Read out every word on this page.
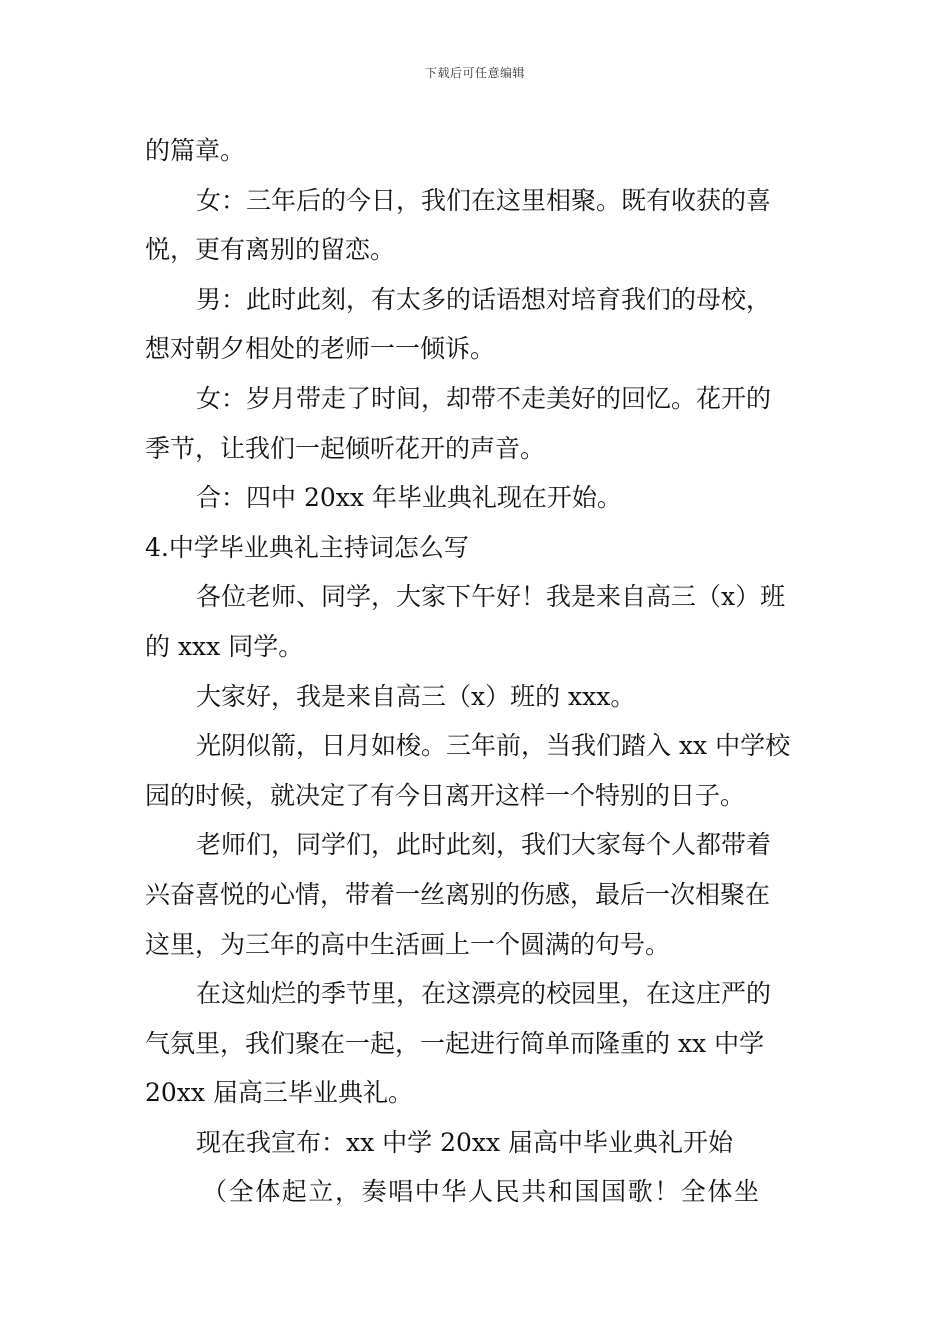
下载后可任意编辑
的篇章。
女：三年后的今日，我们在这里相聚。既有收获的喜
悦，更有离别的留恋。
男：此时此刻，有太多的话语想对培育我们的母校，
想对朝夕相处的老师一一倾诉。
女：岁月带走了时间，却带不走美好的回忆。花开的
季节，让我们一起倾听花开的声音。
合：四中 20xx 年毕业典礼现在开始。
4.中学毕业典礼主持词怎么写
各位老师、同学，大家下午好！我是来自高三（x）班
的 xxx 同学。
大家好，我是来自高三（x）班的 xxx。
光阴似箭，日月如梭。三年前，当我们踏入 xx 中学校
园的时候，就决定了有今日离开这样一个特别的日子。
老师们，同学们，此时此刻，我们大家每个人都带着
兴奋喜悦的心情，带着一丝离别的伤感，最后一次相聚在
这里，为三年的高中生活画上一个圆满的句号。
在这灿烂的季节里，在这漂亮的校园里，在这庄严的
气氛里，我们聚在一起，一起进行简单而隆重的 xx 中学
20xx 届高三毕业典礼。
现在我宣布：xx 中学 20xx 届高中毕业典礼开始
（全体起立，奏唱中华人民共和国国歌！全体坐
